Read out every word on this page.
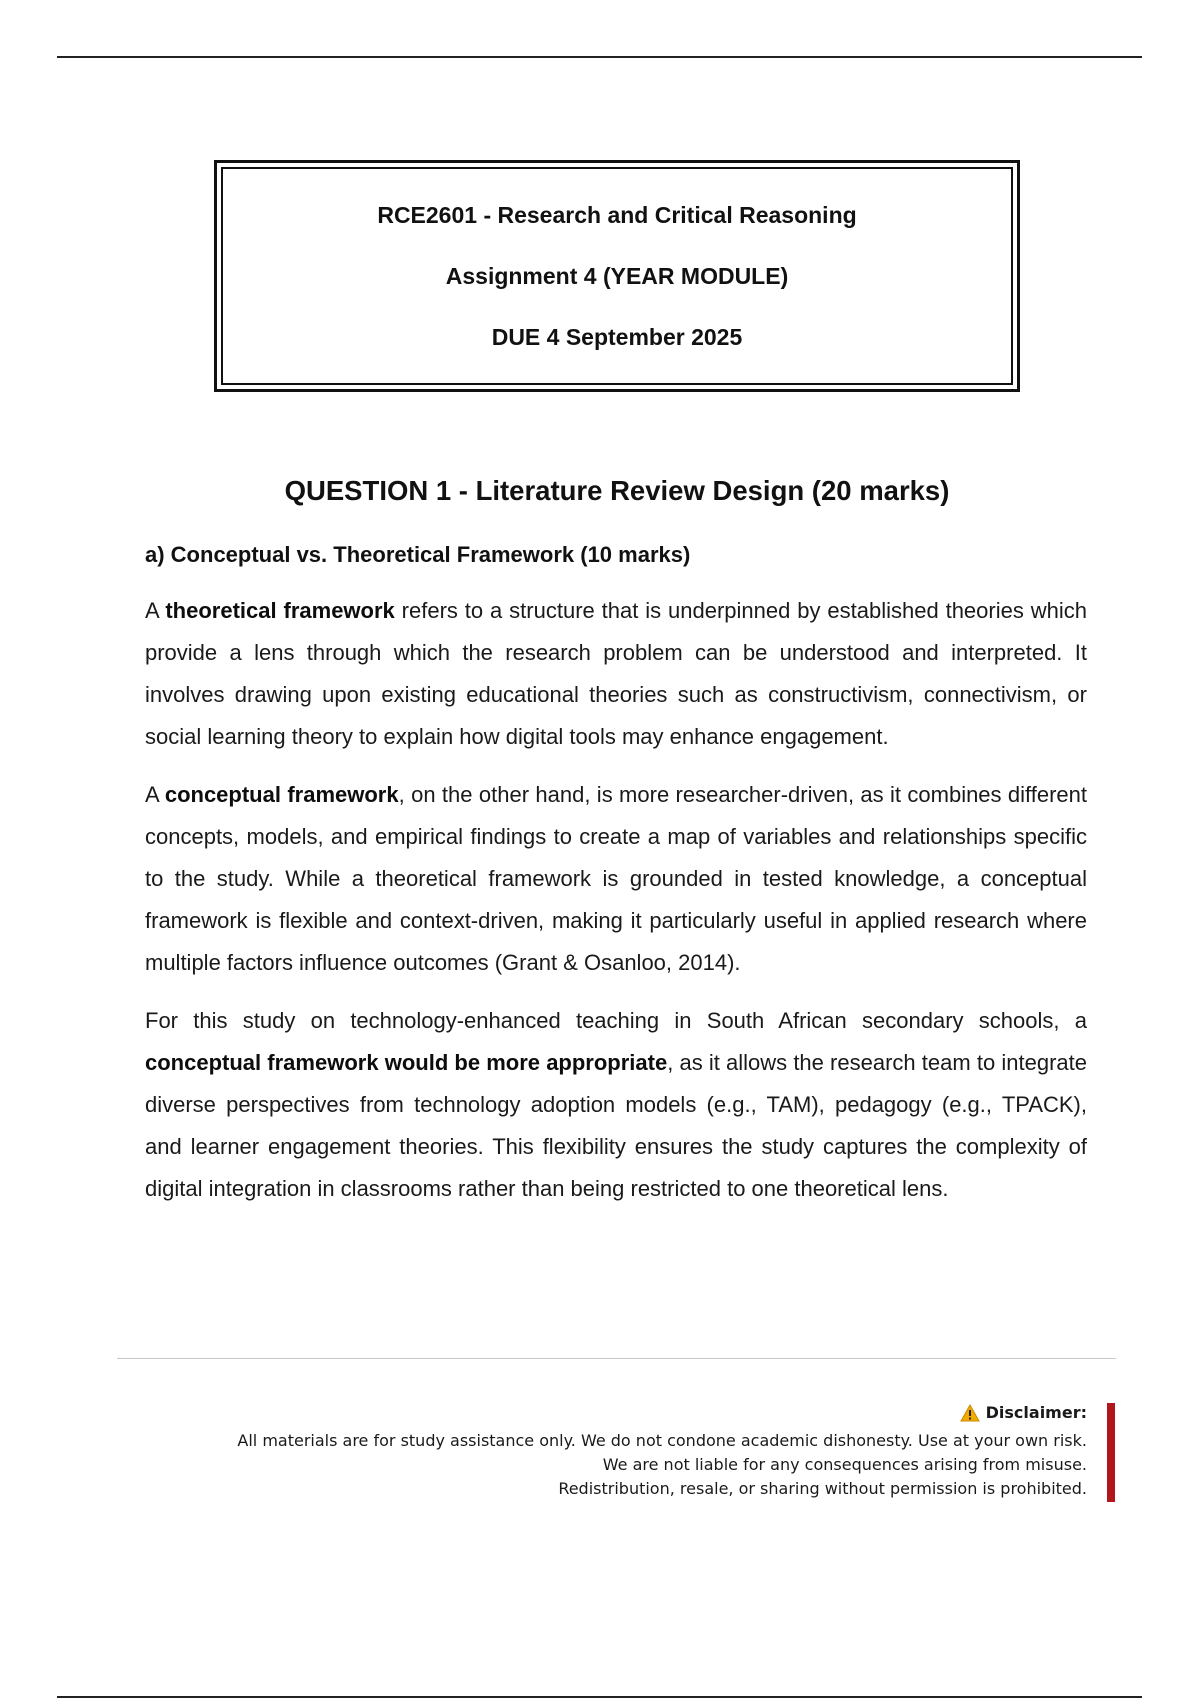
RCE2601 - Research and Critical Reasoning
Assignment 4 (YEAR MODULE)
DUE 4 September 2025
QUESTION 1 - Literature Review Design (20 marks)
a) Conceptual vs. Theoretical Framework (10 marks)

A theoretical framework refers to a structure that is underpinned by established theories which provide a lens through which the research problem can be understood and interpreted. It involves drawing upon existing educational theories such as constructivism, connectivism, or social learning theory to explain how digital tools may enhance engagement.

A conceptual framework, on the other hand, is more researcher-driven, as it combines different concepts, models, and empirical findings to create a map of variables and relationships specific to the study. While a theoretical framework is grounded in tested knowledge, a conceptual framework is flexible and context-driven, making it particularly useful in applied research where multiple factors influence outcomes (Grant & Osanloo, 2014).

For this study on technology-enhanced teaching in South African secondary schools, a conceptual framework would be more appropriate, as it allows the research team to integrate diverse perspectives from technology adoption models (e.g., TAM), pedagogy (e.g., TPACK), and learner engagement theories. This flexibility ensures the study captures the complexity of digital integration in classrooms rather than being restricted to one theoretical lens.

Disclaimer:
All materials are for study assistance only. We do not condone academic dishonesty. Use at your own risk.
We are not liable for any consequences arising from misuse.
Redistribution, resale, or sharing without permission is prohibited.
